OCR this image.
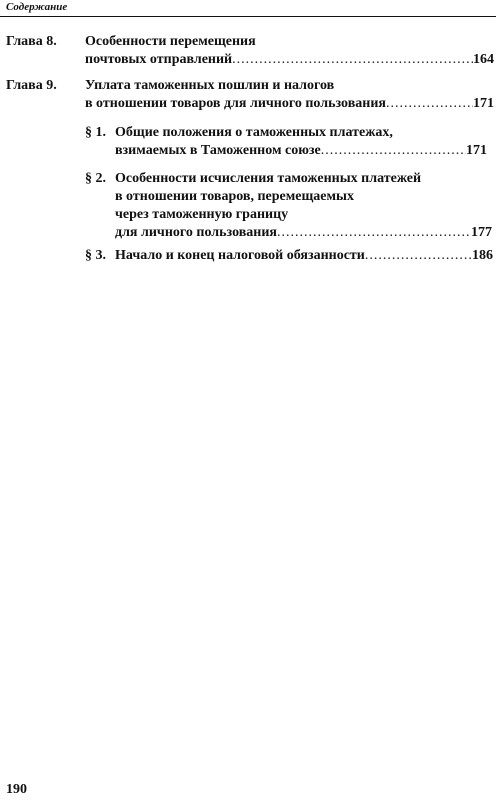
Содержание
Глава 8. Особенности перемещения
почтовых отправлений .....	164
Глава 9. Уплата таможенных пошлин и налогов
в отношении товаров для личного пользования .....	171
§ 1. Общие положения о таможенных платежах,
взимаемых в Таможенном союзе .....	171
§ 2. Особенности исчисления таможенных платежей
в отношении товаров, перемещаемых
через таможенную границу
для личного пользования .....	177
§ 3. Начало и конец налоговой обязанности .....	186
190
